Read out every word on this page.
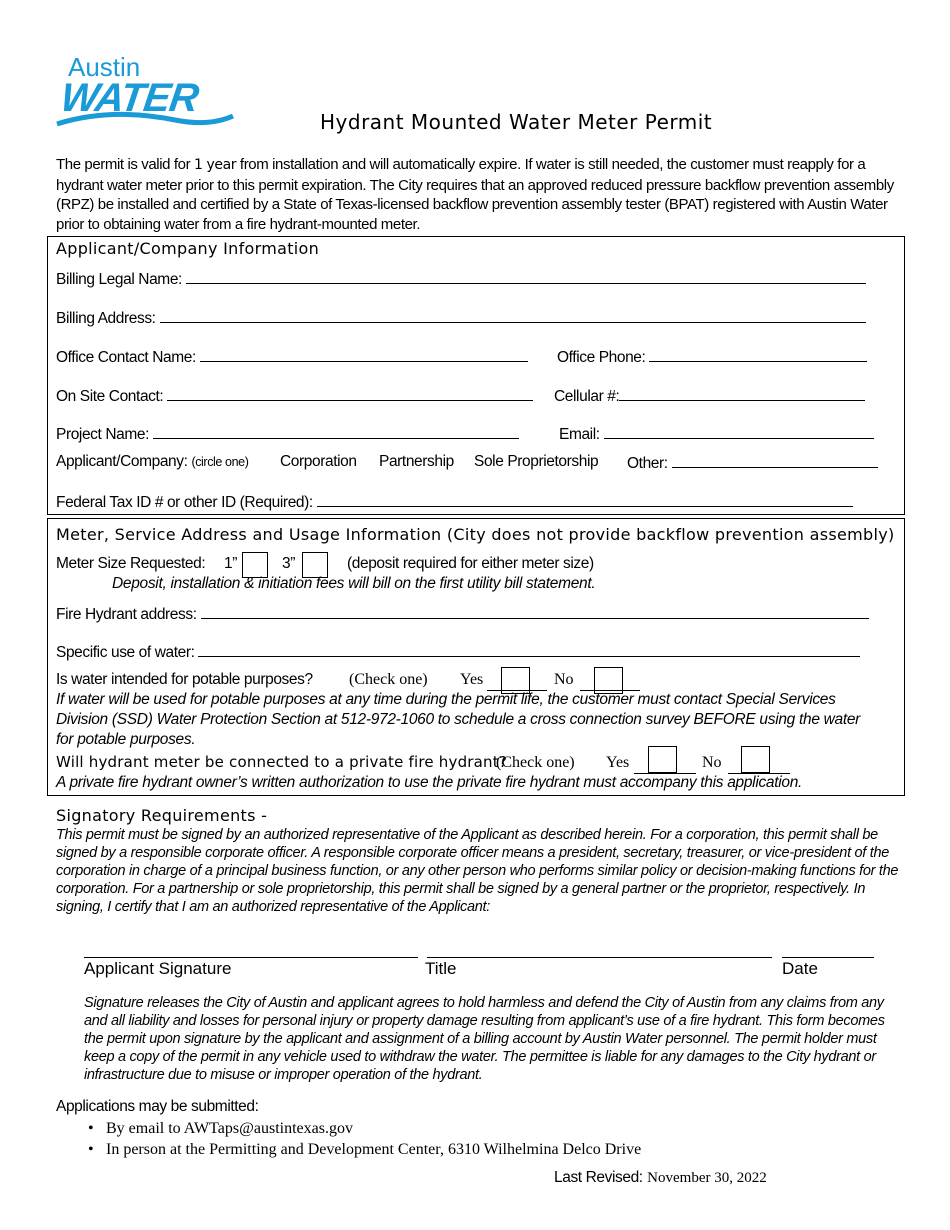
Austin
WATER
Hydrant Mounted Water Meter Permit
The permit is valid for 1 year from installation and will automatically expire. If water is still needed, the customer must reapply for a hydrant water meter prior to this permit expiration. The City requires that an approved reduced pressure backflow prevention assembly (RPZ) be installed and certified by a State of Texas-licensed backflow prevention assembly tester (BPAT) registered with Austin Water prior to obtaining water from a fire hydrant-mounted meter.
Applicant/Company Information
Billing Legal Name:
Billing Address:
Office Contact Name:	Office Phone:
On Site Contact:	Cellular #:
Project Name:	Email:
Applicant/Company: (circle one) Corporation Partnership Sole Proprietorship Other:
Federal Tax ID # or other ID (Required):
Meter, Service Address and Usage Information (City does not provide backflow prevention assembly)
Meter Size Requested: 1”	3”	(deposit required for either meter size)
Deposit, installation & initiation fees will bill on the first utility bill statement.
Fire Hydrant address:
Specific use of water:
Is water intended for potable purposes? (Check one) Yes	No
If water will be used for potable purposes at any time during the permit life, the customer must contact Special Services Division (SSD) Water Protection Section at 512-972-1060 to schedule a cross connection survey BEFORE using the water for potable purposes.
Will hydrant meter be connected to a private fire hydrant?
(Check one) Yes	No
A private fire hydrant owner’s written authorization to use the private fire hydrant must accompany this application.
Signatory Requirements -
This permit must be signed by an authorized representative of the Applicant as described herein. For a corporation, this permit shall be signed by a responsible corporate officer. A responsible corporate officer means a president, secretary, treasurer, or vice-president of the corporation in charge of a principal business function, or any other person who performs similar policy or decision-making functions for the corporation. For a partnership or sole proprietorship, this permit shall be signed by a general partner or the proprietor, respectively. In signing, I certify that I am an authorized representative of the Applicant:
Applicant Signature	Title	Date
Signature releases the City of Austin and applicant agrees to hold harmless and defend the City of Austin from any claims from any and all liability and losses for personal injury or property damage resulting from applicant’s use of a fire hydrant. This form becomes the permit upon signature by the applicant and assignment of a billing account by Austin Water personnel. The permit holder must keep a copy of the permit in any vehicle used to withdraw the water. The permittee is liable for any damages to the City hydrant or infrastructure due to misuse or improper operation of the hydrant.
Applications may be submitted:
• By email to AWTaps@austintexas.gov
• In person at the Permitting and Development Center, 6310 Wilhelmina Delco Drive
Last Revised: November 30, 2022
